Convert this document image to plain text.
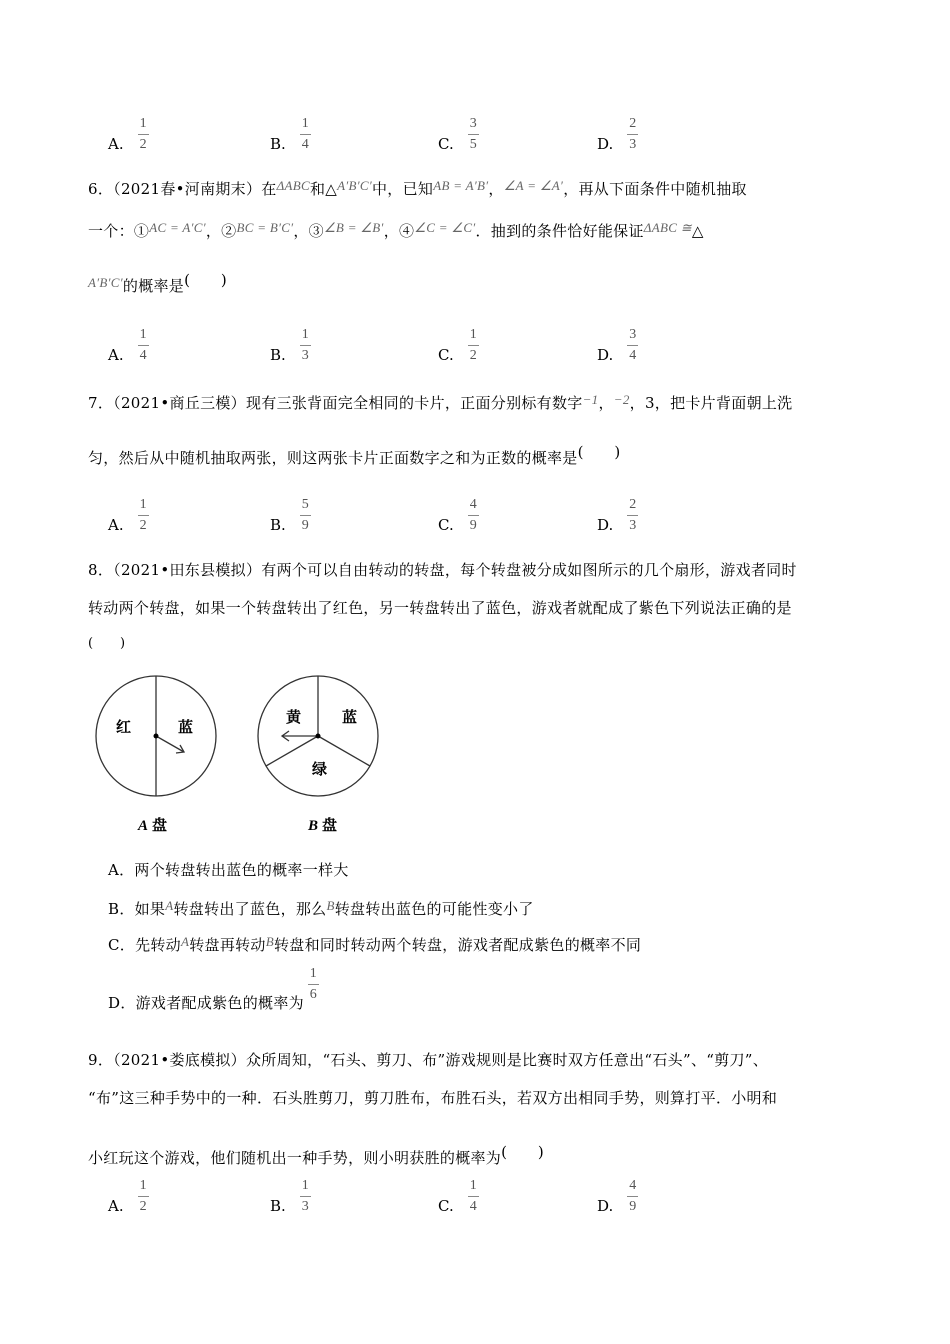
A. $\frac{1}{2}$	B. $\frac{1}{4}$	C. $\frac{3}{5}$	D. $\frac{2}{3}$
6．（2021春•河南期末）在ΔABC和△A′B′C′中，已知AB = A′B′，∠A = ∠A′，再从下面条件中随机抽取
一个：①AC = A′C′，②BC = B′C′，③∠B = ∠B′，④∠C = ∠C′．抽到的条件恰好能保证ΔABC ≅△
A′B′C′的概率是(　　)
A. $\frac{1}{4}$	B. $\frac{1}{3}$	C. $\frac{1}{2}$	D. $\frac{3}{4}$
7．（2021•商丘三模）现有三张背面完全相同的卡片，正面分别标有数字−1，−2，3，把卡片背面朝上洗
匀，然后从中随机抽取两张，则这两张卡片正面数字之和为正数的概率是(　　)
A. $\frac{1}{2}$	B. $\frac{5}{9}$	C. $\frac{4}{9}$	D. $\frac{2}{3}$
8．（2021•田东县模拟）有两个可以自由转动的转盘，每个转盘被分成如图所示的几个扇形，游戏者同时
转动两个转盘，如果一个转盘转出了红色，另一转盘转出了蓝色，游戏者就配成了紫色下列说法正确的是
(　　)
红	蓝
黄	蓝
绿
A 盘	B 盘
A．两个转盘转出蓝色的概率一样大
B．如果A转盘转出了蓝色，那么B转盘转出蓝色的可能性变小了
C．先转动A转盘再转动B转盘和同时转动两个转盘，游戏者配成紫色的概率不同
D．游戏者配成紫色的概率为 $\frac{1}{6}$
9．（2021•娄底模拟）众所周知，“石头、剪刀、布”游戏规则是比赛时双方任意出“石头”、“剪刀”、
“布”这三种手势中的一种．石头胜剪刀，剪刀胜布，布胜石头，若双方出相同手势，则算打平．小明和
小红玩这个游戏，他们随机出一种手势，则小明获胜的概率为(　　)
A. $\frac{1}{2}$	B. $\frac{1}{3}$	C. $\frac{1}{4}$	D. $\frac{4}{9}$
